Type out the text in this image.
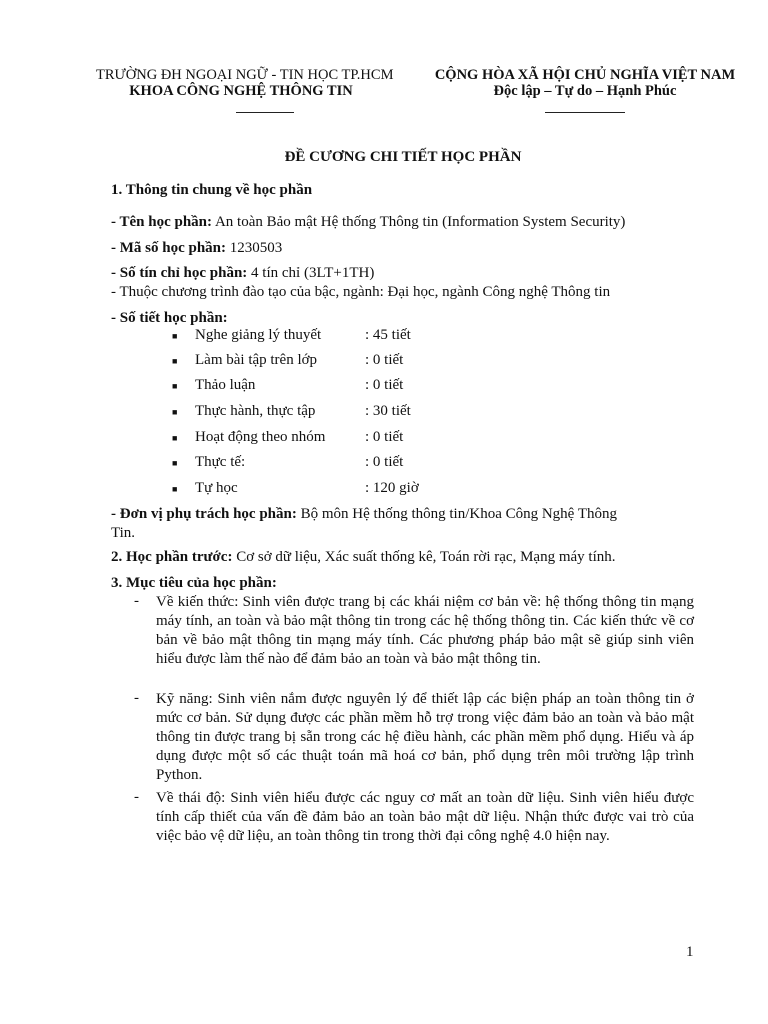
TRƯỜNG ĐH NGOẠI NGỮ - TIN HỌC TP.HCM
KHOA CÔNG NGHỆ THÔNG TIN
CỘNG HÒA XÃ HỘI CHỦ NGHĨA VIỆT NAM
Độc lập – Tự do – Hạnh Phúc
ĐỀ CƯƠNG CHI TIẾT HỌC PHẦN
1. Thông tin chung về học phần
- Tên học phần: An toàn Bảo mật Hệ thống Thông tin (Information System Security)
- Mã số học phần: 1230503
- Số tín chỉ học phần: 4 tín chỉ (3LT+1TH)
- Thuộc chương trình đào tạo của bậc, ngành: Đại học, ngành Công nghệ Thông tin
- Số tiết học phần:
■ Nghe giảng lý thuyết	: 45 tiết
■ Làm bài tập trên lớp	: 0 tiết
■ Thảo luận	: 0 tiết
■ Thực hành, thực tập	: 30 tiết
■ Hoạt động theo nhóm	: 0 tiết
■ Thực tế:	: 0 tiết
■ Tự học	: 120 giờ
- Đơn vị phụ trách học phần: Bộ môn Hệ thống thông tin/Khoa Công Nghệ Thông
Tin.
2. Học phần trước: Cơ sở dữ liệu, Xác suất thống kê, Toán rời rạc, Mạng máy tính.
3. Mục tiêu của học phần:
- Về kiến thức: Sinh viên được trang bị các khái niệm cơ bản về: hệ thống thông tin mạng máy tính, an toàn và bảo mật thông tin trong các hệ thống thông tin. Các kiến thức về cơ bản về bảo mật thông tin mạng máy tính. Các phương pháp bảo mật sẽ giúp sinh viên hiểu được làm thế nào để đảm bảo an toàn và bảo mật thông tin.
- Kỹ năng: Sinh viên nắm được nguyên lý để thiết lập các biện pháp an toàn thông tin ở mức cơ bản. Sử dụng được các phần mềm hỗ trợ trong việc đảm bảo an toàn và bảo mật thông tin được trang bị sẵn trong các hệ điều hành, các phần mềm phổ dụng. Hiểu và áp dụng được một số các thuật toán mã hoá cơ bản, phổ dụng trên môi trường lập trình Python.
- Về thái độ: Sinh viên hiểu được các nguy cơ mất an toàn dữ liệu. Sinh viên hiểu được tính cấp thiết của vấn đề đảm bảo an toàn bảo mật dữ liệu. Nhận thức được vai trò của việc bảo vệ dữ liệu, an toàn thông tin trong thời đại công nghệ 4.0 hiện nay.
1
